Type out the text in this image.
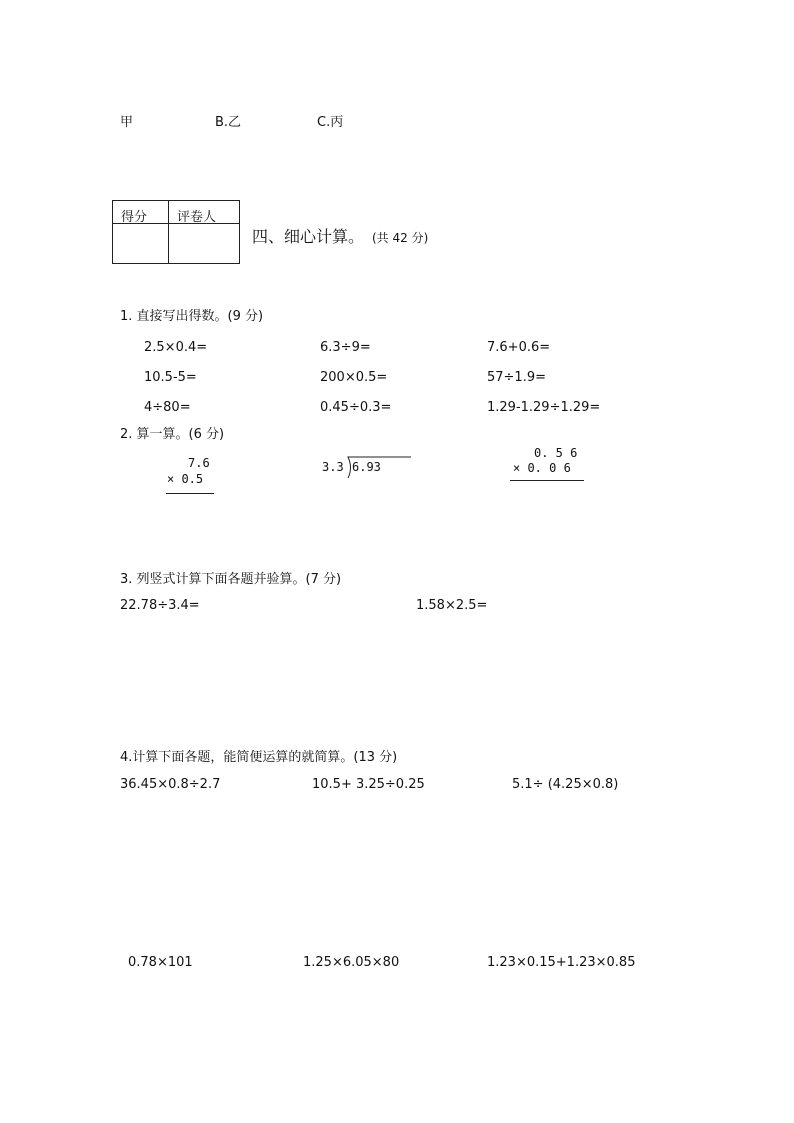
甲	B.乙	C.丙
得分 评卷人
四、细心计算。 (共 42 分)
1. 直接写出得数。(9 分)
2.5×0.4=	6.3÷9=	7.6+0.6=
10.5-5=	200×0.5=	57÷1.9=
4÷80=	0.45÷0.3=	1.29-1.29÷1.29=
2. 算一算。(6 分)
7.6
× 0.5
3.3 6.93
0. 5 6
× 0. 0 6
3. 列竖式计算下面各题并验算。(7 分)
22.78÷3.4=	1.58×2.5=
4.计算下面各题，能简便运算的就简算。(13 分)
36.45×0.8÷2.7	10.5+ 3.25÷0.25	5.1÷ (4.25×0.8)
0.78×101	1.25×6.05×80	1.23×0.15+1.23×0.85
